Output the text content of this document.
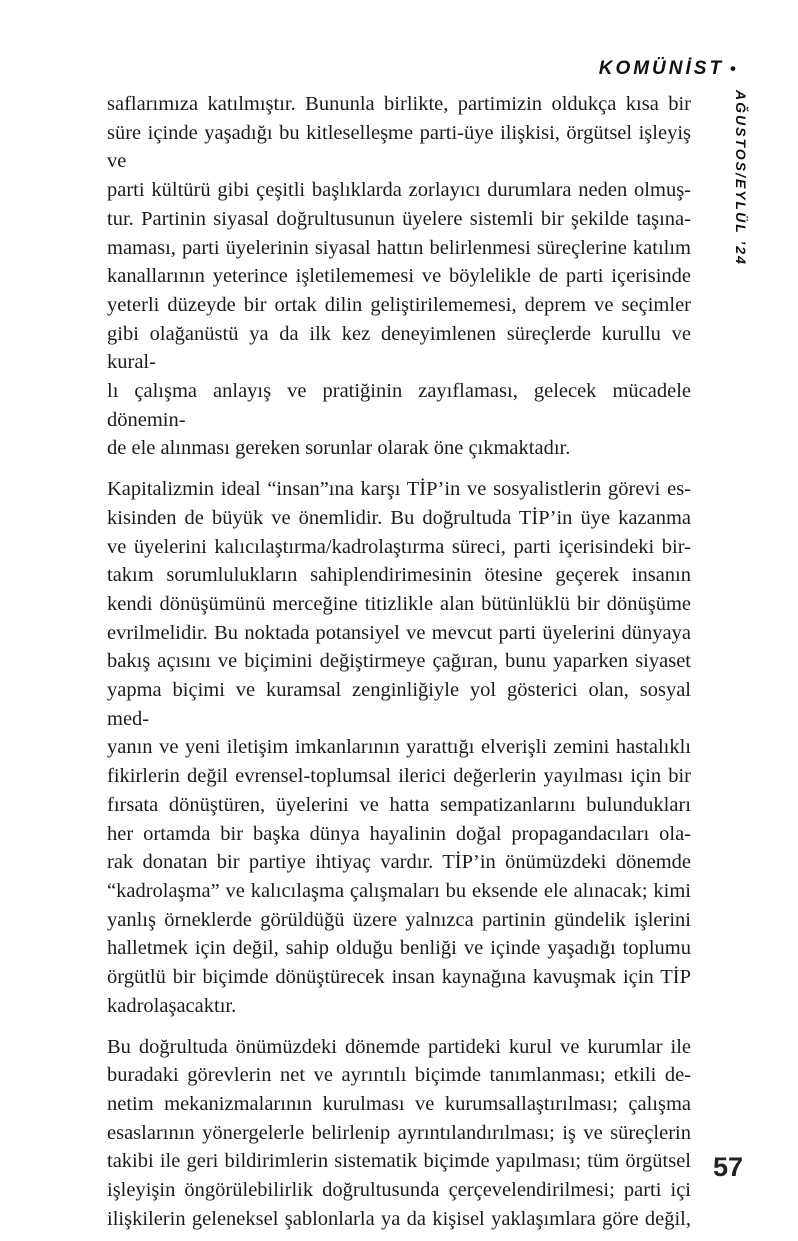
KOMÜNİST •
AĞUSTOS/EYLÜL ’24
saflarımıza katılmıştır. Bununla birlikte, partimizin oldukça kısa bir
süre içinde yaşadığı bu kitleselleşme parti-üye ilişkisi, örgütsel işleyiş ve
parti kültürü gibi çeşitli başlıklarda zorlayıcı durumlara neden olmuş-
tur. Partinin siyasal doğrultusunun üyelere sistemli bir şekilde taşına-
maması, parti üyelerinin siyasal hattın belirlenmesi süreçlerine katılım
kanallarının yeterince işletilememesi ve böylelikle de parti içerisinde
yeterli düzeyde bir ortak dilin geliştirilememesi, deprem ve seçimler
gibi olağanüstü ya da ilk kez deneyimlenen süreçlerde kurullu ve kural-
lı çalışma anlayış ve pratiğinin zayıflaması, gelecek mücadele dönemin-
de ele alınması gereken sorunlar olarak öne çıkmaktadır.
Kapitalizmin ideal “insan”ına karşı TİP’in ve sosyalistlerin görevi es-
kisinden de büyük ve önemlidir. Bu doğrultuda TİP’in üye kazanma
ve üyelerini kalıcılaştırma/kadrolaştırma süreci, parti içerisindeki bir-
takım sorumlulukların sahiplendirimesinin ötesine geçerek insanın
kendi dönüşümünü merceğine titizlikle alan bütünlüklü bir dönüşüme
evrilmelidir. Bu noktada potansiyel ve mevcut parti üyelerini dünyaya
bakış açısını ve biçimini değiştirmeye çağıran, bunu yaparken siyaset
yapma biçimi ve kuramsal zenginliğiyle yol gösterici olan, sosyal med-
yanın ve yeni iletişim imkanlarının yarattığı elverişli zemini hastalıklı
fikirlerin değil evrensel-toplumsal ilerici değerlerin yayılması için bir
fırsata dönüştüren, üyelerini ve hatta sempatizanlarını bulundukları
her ortamda bir başka dünya hayalinin doğal propagandacıları ola-
rak donatan bir partiye ihtiyaç vardır. TİP’in önümüzdeki dönemde
“kadrolaşma” ve kalıcılaşma çalışmaları bu eksende ele alınacak; kimi
yanlış örneklerde görüldüğü üzere yalnızca partinin gündelik işlerini
halletmek için değil, sahip olduğu benliği ve içinde yaşadığı toplumu
örgütlü bir biçimde dönüştürecek insan kaynağına kavuşmak için TİP
kadrolaşacaktır.
Bu doğrultuda önümüzdeki dönemde partideki kurul ve kurumlar ile
buradaki görevlerin net ve ayrıntılı biçimde tanımlanması; etkili de-
netim mekanizmalarının kurulması ve kurumsallaştırılması; çalışma
esaslarının yönergelerle belirlenip ayrıntılandırılması; iş ve süreçlerin
takibi ile geri bildirimlerin sistematik biçimde yapılması; tüm örgütsel
işleyişin öngörülebilirlik doğrultusunda çerçevelendirilmesi; parti içi
ilişkilerin geleneksel şablonlarla ya da kişisel yaklaşımlara göre değil,
57
